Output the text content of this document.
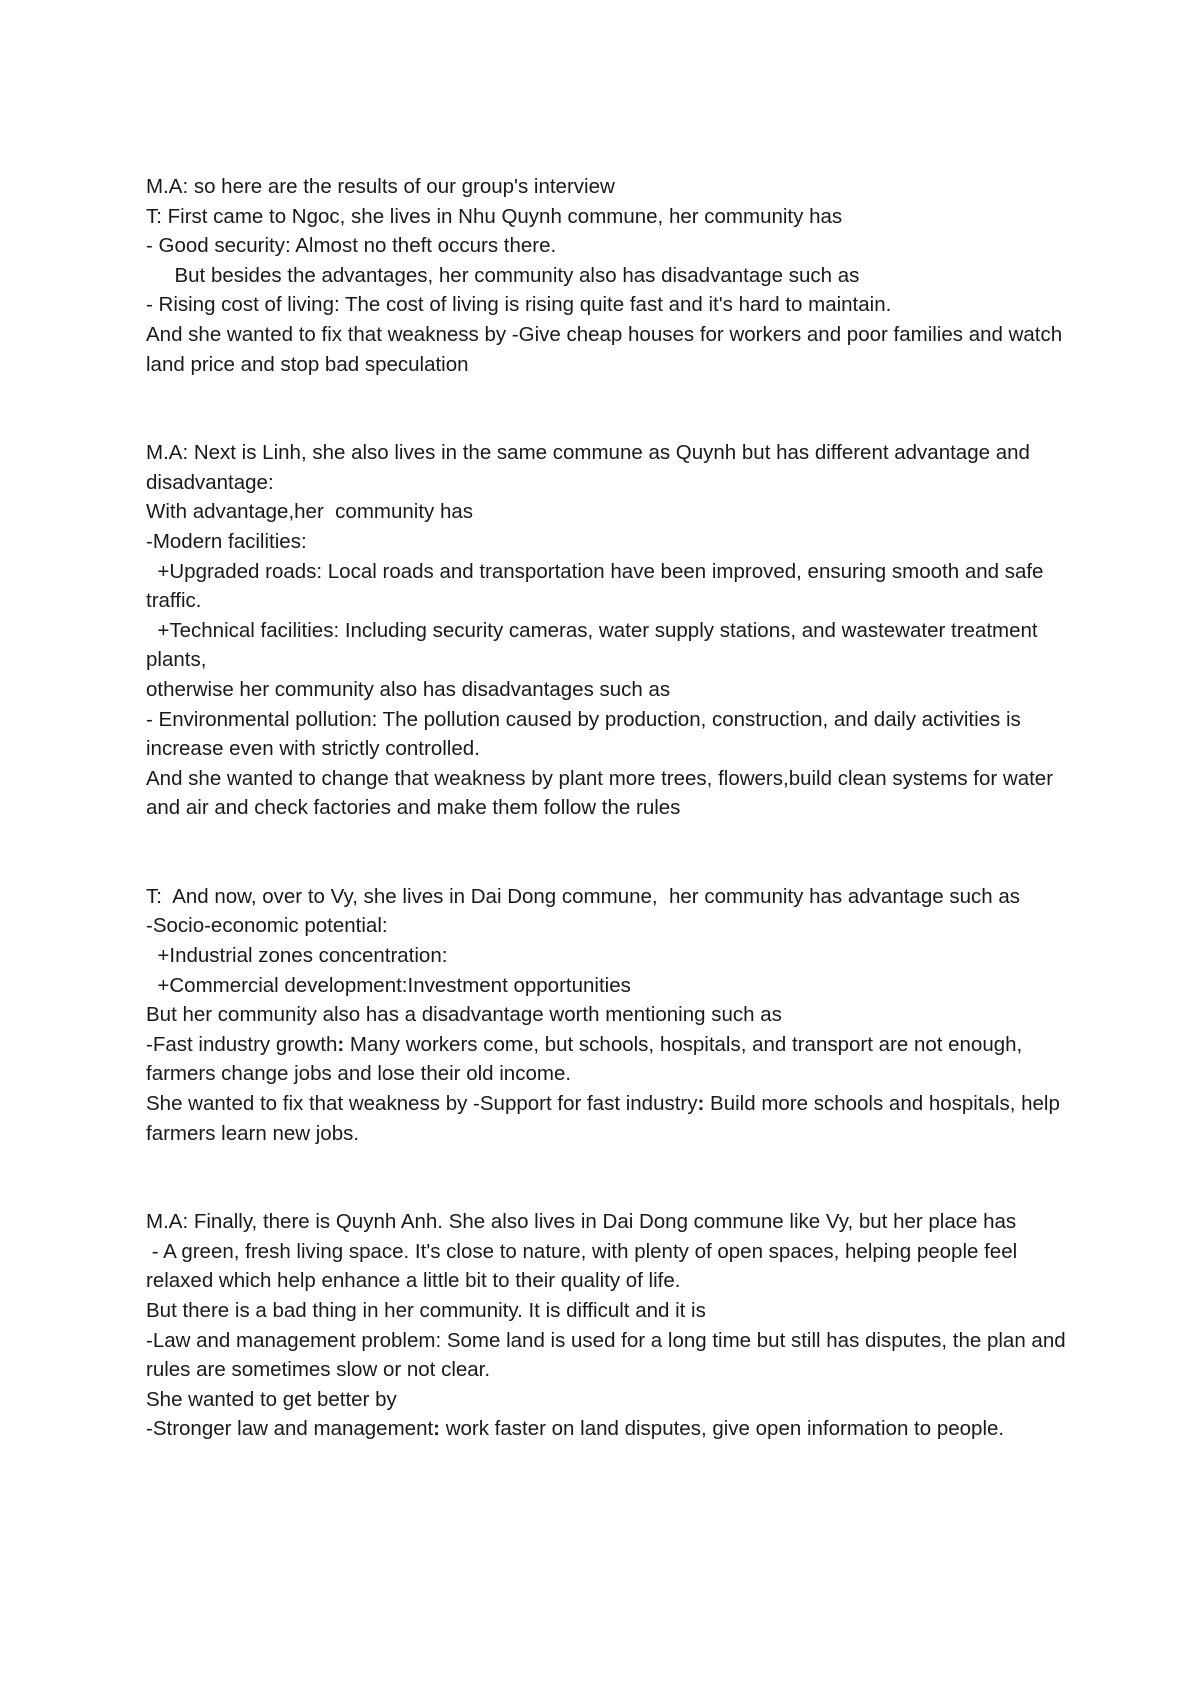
M.A: so here are the results of our group's interview

T: First came to Ngoc, she lives in Nhu Quynh commune, her community has

- Good security: Almost no theft occurs there.

But besides the advantages, her community also has disadvantage such as

- Rising cost of living: The cost of living is rising quite fast and it's hard to maintain.

And she wanted to fix that weakness by -Give cheap houses for workers and poor families and watch land price and stop bad speculation

M.A: Next is Linh, she also lives in the same commune as Quynh but has different advantage and disadvantage:

With advantage,her  community has

-Modern facilities:

+Upgraded roads: Local roads and transportation have been improved, ensuring smooth and safe traffic.

+Technical facilities: Including security cameras, water supply stations, and wastewater treatment plants,

otherwise her community also has disadvantages such as

- Environmental pollution: The pollution caused by production, construction, and daily activities is increase even with strictly controlled.

And she wanted to change that weakness by plant more trees, flowers,build clean systems for water and air and check factories and make them follow the rules

T:  And now, over to Vy, she lives in Dai Dong commune,  her community has advantage such as

-Socio-economic potential:

+Industrial zones concentration:

+Commercial development:Investment opportunities

But her community also has a disadvantage worth mentioning such as

-Fast industry growth: Many workers come, but schools, hospitals, and transport are not enough, farmers change jobs and lose their old income.

She wanted to fix that weakness by -Support for fast industry: Build more schools and hospitals, help farmers learn new jobs.

M.A: Finally, there is Quynh Anh. She also lives in Dai Dong commune like Vy, but her place has

- A green, fresh living space. It's close to nature, with plenty of open spaces, helping people feel relaxed which help enhance a little bit to their quality of life.

But there is a bad thing in her community. It is difficult and it is

-Law and management problem: Some land is used for a long time but still has disputes, the plan and rules are sometimes slow or not clear.

She wanted to get better by

-Stronger law and management: work faster on land disputes, give open information to people.
